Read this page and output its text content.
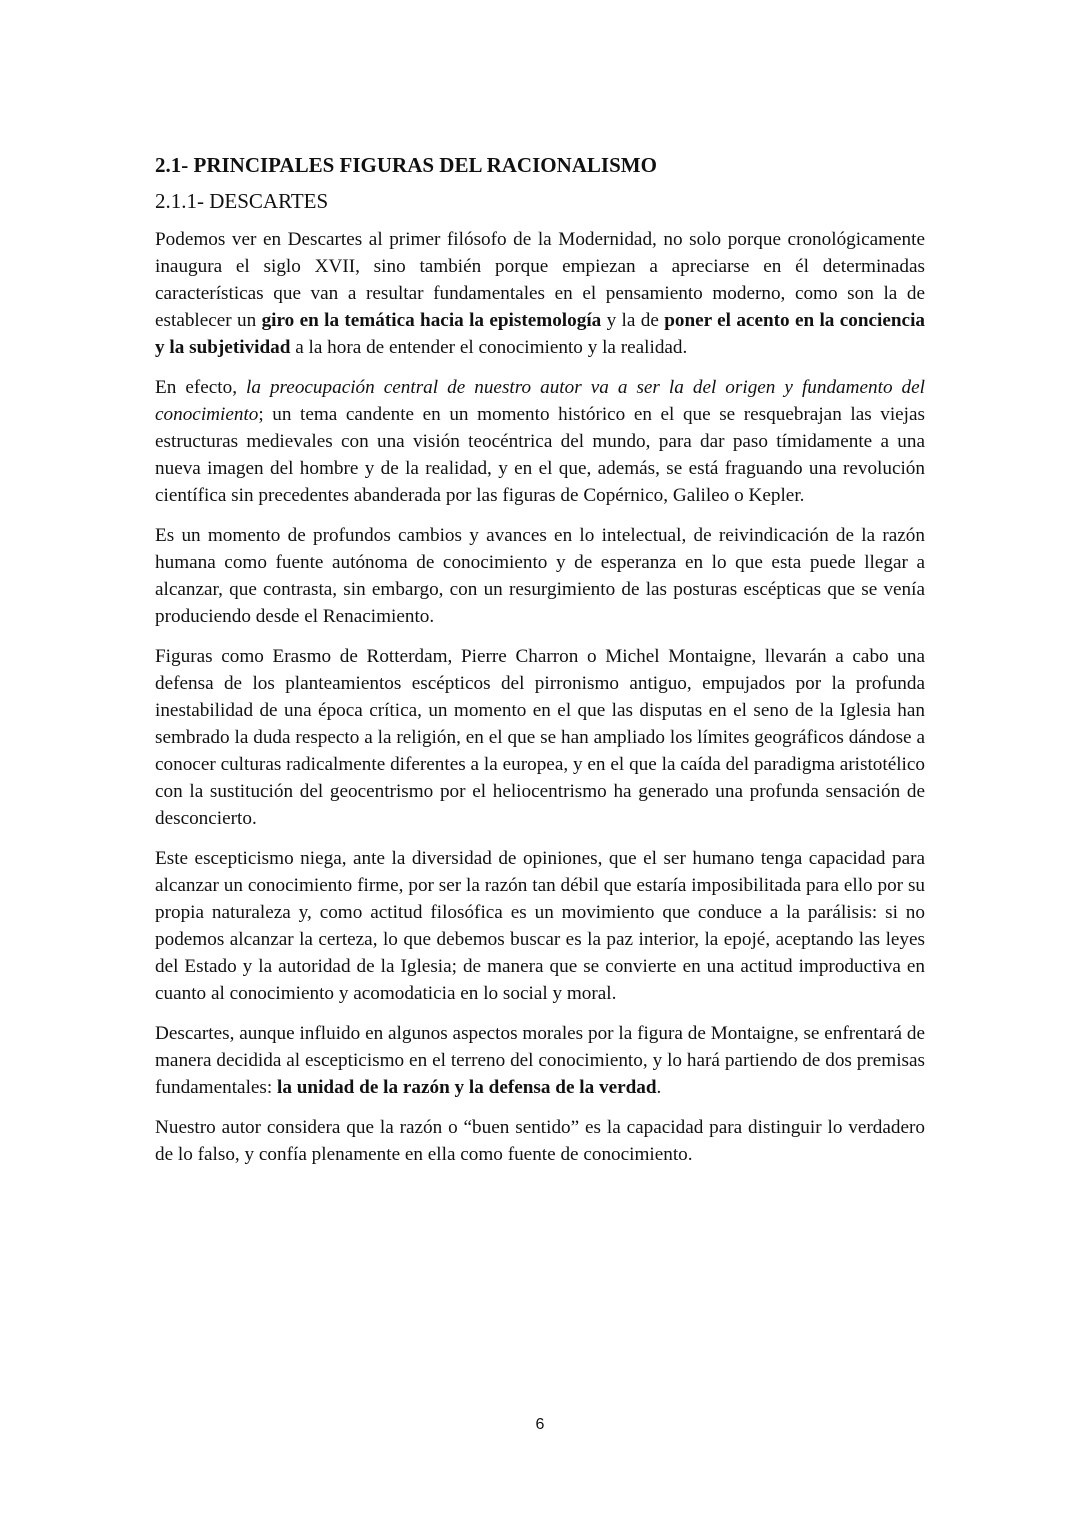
2.1- PRINCIPALES FIGURAS DEL RACIONALISMO
2.1.1- DESCARTES

Podemos ver en Descartes al primer filósofo de la Modernidad, no solo porque cronológicamente inaugura el siglo XVII, sino también porque empiezan a apreciarse en él determinadas características que van a resultar fundamentales en el pensamiento moderno, como son la de establecer un giro en la temática hacia la epistemología y la de poner el acento en la conciencia y la subjetividad a la hora de entender el conocimiento y la realidad.

En efecto, la preocupación central de nuestro autor va a ser la del origen y fundamento del conocimiento; un tema candente en un momento histórico en el que se resquebrajan las viejas estructuras medievales con una visión teocéntrica del mundo, para dar paso tímidamente a una nueva imagen del hombre y de la realidad, y en el que, además, se está fraguando una revolución científica sin precedentes abanderada por las figuras de Copérnico, Galileo o Kepler.

Es un momento de profundos cambios y avances en lo intelectual, de reivindicación de la razón humana como fuente autónoma de conocimiento y de esperanza en lo que esta puede llegar a alcanzar, que contrasta, sin embargo, con un resurgimiento de las posturas escépticas que se venía produciendo desde el Renacimiento.

Figuras como Erasmo de Rotterdam, Pierre Charron o Michel Montaigne, llevarán a cabo una defensa de los planteamientos escépticos del pirronismo antiguo, empujados por la profunda inestabilidad de una época crítica, un momento en el que las disputas en el seno de la Iglesia han sembrado la duda respecto a la religión, en el que se han ampliado los límites geográficos dándose a conocer culturas radicalmente diferentes a la europea, y en el que la caída del paradigma aristotélico con la sustitución del geocentrismo por el heliocentrismo ha generado una profunda sensación de desconcierto.

Este escepticismo niega, ante la diversidad de opiniones, que el ser humano tenga capacidad para alcanzar un conocimiento firme, por ser la razón tan débil que estaría imposibilitada para ello por su propia naturaleza y, como actitud filosófica es un movimiento que conduce a la parálisis: si no podemos alcanzar la certeza, lo que debemos buscar es la paz interior, la epojé, aceptando las leyes del Estado y la autoridad de la Iglesia; de manera que se convierte en una actitud improductiva en cuanto al conocimiento y acomodaticia en lo social y moral.

Descartes, aunque influido en algunos aspectos morales por la figura de Montaigne, se enfrentará de manera decidida al escepticismo en el terreno del conocimiento, y lo hará partiendo de dos premisas fundamentales: la unidad de la razón y la defensa de la verdad.

Nuestro autor considera que la razón o “buen sentido” es la capacidad para distinguir lo verdadero de lo falso, y confía plenamente en ella como fuente de conocimiento.

6
